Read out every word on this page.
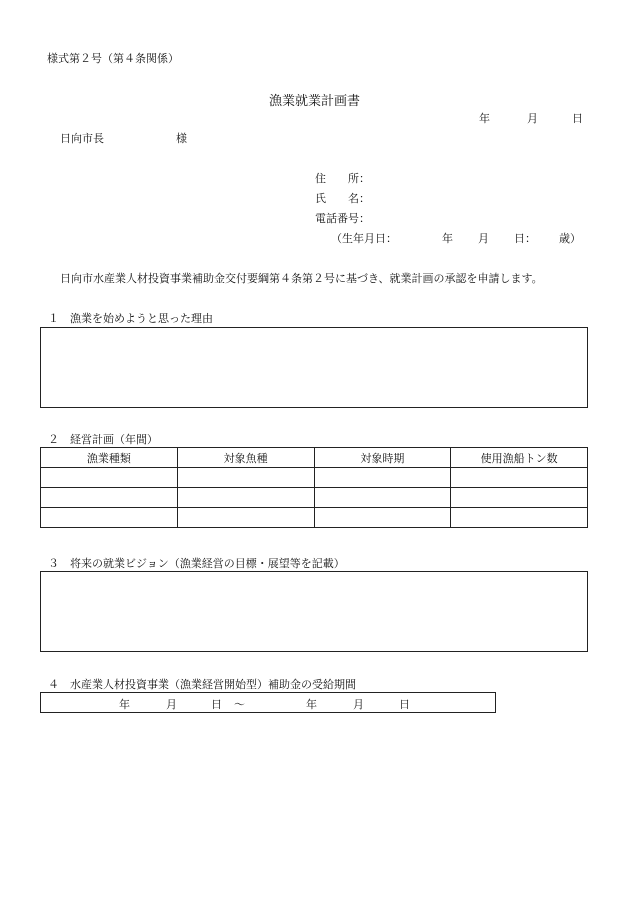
様式第２号（第４条関係）
漁業就業計画書
年	月	日
日向市長	様
住　　所：
氏　　名：
電話番号：
（生年月日：	年 月 日： 歳）
日向市水産業人材投資事業補助金交付要綱第４条第２号に基づき、就業計画の承認を申請します。
１　漁業を始めようと思った理由
２　経営計画（年間）
漁業種類	対象魚種	対象時期	使用漁船トン数

３　将来の就業ビジョン（漁業経営の目標・展望等を記載）
４　水産業人材投資事業（漁業経営開始型）補助金の受給期間
年	月	日 ～	年	月	日
